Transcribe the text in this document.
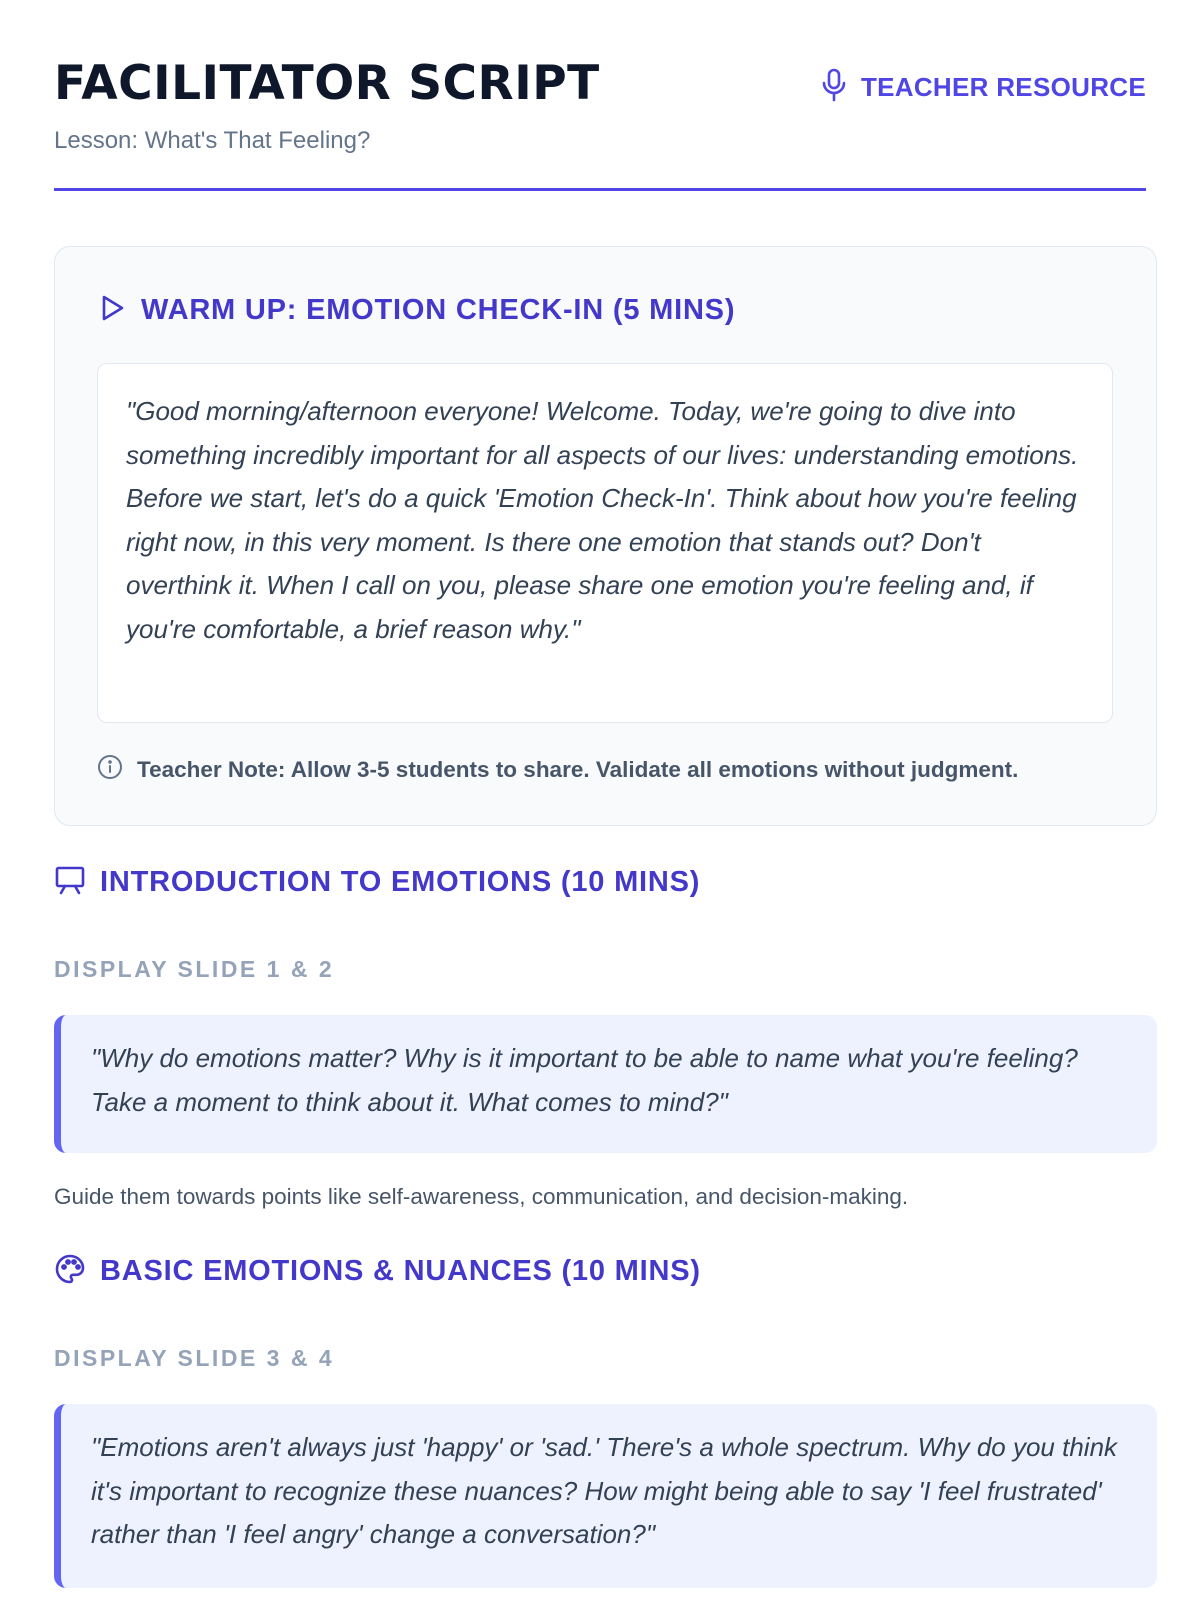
FACILITATOR SCRIPT
Lesson: What's That Feeling?
TEACHER RESOURCE
WARM UP: EMOTION CHECK-IN (5 MINS)

"Good morning/afternoon everyone! Welcome. Today, we're going to dive into something incredibly important for all aspects of our lives: understanding emotions. Before we start, let's do a quick 'Emotion Check-In'. Think about how you're feeling right now, in this very moment. Is there one emotion that stands out? Don't overthink it. When I call on you, please share one emotion you're feeling and, if you're comfortable, a brief reason why."

Teacher Note: Allow 3-5 students to share. Validate all emotions without judgment.
INTRODUCTION TO EMOTIONS (10 MINS)
DISPLAY SLIDE 1 & 2

"Why do emotions matter? Why is it important to be able to name what you're feeling? Take a moment to think about it. What comes to mind?"

Guide them towards points like self-awareness, communication, and decision-making.
BASIC EMOTIONS & NUANCES (10 MINS)
DISPLAY SLIDE 3 & 4

"Emotions aren't always just 'happy' or 'sad.' There's a whole spectrum. Why do you think it's important to recognize these nuances? How might being able to say 'I feel frustrated' rather than 'I feel angry' change a conversation?"
